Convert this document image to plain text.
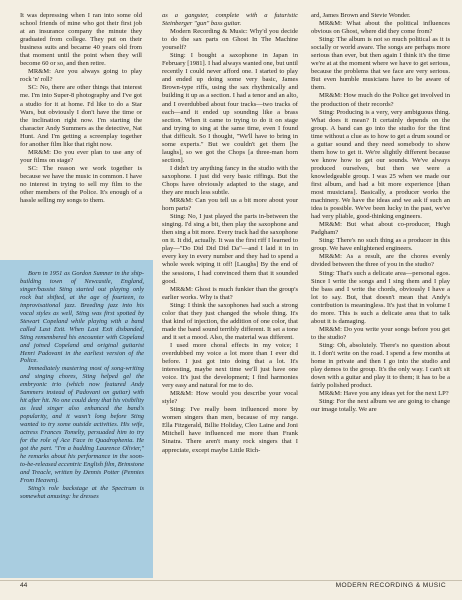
It was depressing when I ran into some old school friends of mine who got their first job at an insurance company the minute they graduated from college. They put on their business suits and became 40 years old from that moment until the point when they will become 60 or so, and then retire.

MR&M: Are you always going to play rock 'n' roll?

SC: No, there are other things that interest me. I'm into Super-8 photography and I've got a studio for it at home. I'd like to do a Star Wars, but obviously I don't have the time or the inclination right now. I'm starting the character Andy Summers as the detective, Nat Hunt. And I'm getting a screenplay together for another film like that right now.

MR&M: Do you ever plan to use any of your films on stage?

SC: The reason we work together is because we have the music in common. I have no interest in trying to sell my film to the other members of the Police. It's enough of a hassle selling my songs to them.

Born in 1951 as Gordon Sumner in the ship-building town of Newcastle, England, singer/bassist Sting started out playing only rock but shifted, at the age of fourteen, to improvisational jazz. Breeding jazz into his vocal styles as well, Sting was first spotted by Stewart Copeland while playing with a band called Last Exit. When Last Exit disbanded, Sting remembered his encounter with Copeland and joined Copeland and original guitarist Henri Padovani in the earliest version of the Police.

Immediately mastering most of song-writing and singing chores, Sting helped gel the embryonic trio (which now featured Andy Summers instead of Padovani on guitar) with hit after hit. No one could deny that his visibility as lead singer also enhanced the band's popularity, and it wasn't long before Sting wanted to try some outside activities. His wife, actress Frances Tomelty, persuaded him to try for the role of Ace Face in Quadrophenia. He got the part. "I'm a budding Laurence Olivier," he remarks about his performance in the soon-to-be-released eccentric English film, Brimstone and Treacle, written by Dennis Potter (Pennies From Heaven).

Sting's role backstage at the Spectrum is somewhat amusing: he dresses

as a gangster, complete with a futuristic Steinberger "gun" bass guitar.

Modern Recording & Music: Why'd you decide to do the sax parts on Ghost In The Machine yourself?

Sting: I bought a saxophone in Japan in February [1981]. I had always wanted one, but until recently I could never afford one. I started to play and ended up doing some very basic, James Brown-type riffs, using the sax rhythmically and building it up as a section. I had a tenor and an alto, and I overdubbed about four tracks—two tracks of each—and it ended up sounding like a brass section. When it came to trying to do it on stage and trying to sing at the same time, even I found that difficult. So I thought, "We'll have to bring in some experts." But we couldn't get them [he laughs], so we got the Chops [a three-man horn section].

I didn't try anything fancy in the studio with the saxophone. I just did very basic riffings. But the Chops have obviously adapted to the stage, and they are much less subtle.

MR&M: Can you tell us a bit more about your horn parts?

Sting: No, I just played the parts in-between the singing. I'd sing a bit, then play the saxophone and then sing a bit more. Every track had the saxophone on it. It did, actually. It was the first riff I learned to play—"Do Did Did Did Da"—and I laid it in in every key in every number and they had to spend a whole week wiping it off! [Laughs] By the end of the sessions, I had convinced them that it sounded good.

MR&M: Ghost is much funkier than the group's earlier works. Why is that?

Sting: I think the saxophones had such a strong color that they just changed the whole thing. It's that kind of injection, the addition of one color, that made the band sound terribly different. It set a tone and it set a mood. Also, the material was different.

I used more choral effects in my voice; I overdubbed my voice a lot more than I ever did before. I just got into doing that a lot. It's interesting, maybe next time we'll just have one voice. It's just the development; I find harmonies very easy and natural for me to do.

MR&M: How would you describe your vocal style?

Sting: I've really been influenced more by women singers than men, because of my range. Ella Fitzgerald, Billie Holiday, Cleo Laine and Joni Mitchell have influenced me more than Frank Sinatra. There aren't many rock singers that I appreciate, except maybe Little Rich-

ard, James Brown and Stevie Wonder.

MR&M: What about the political influences obvious on Ghost, where did they come from?

Sting: The album is not so much political as it is socially or world aware. The songs are perhaps more serious than ever, but then again I think it's the time we're at at the moment where we have to get serious, because the problems that we face are very serious. But even humble musicians have to be aware of them.

MR&M: How much do the Police get involved in the production of their records?

Sting: Producing is a very, very ambiguous thing. What does it mean? It certainly depends on the group. A band can go into the studio for the first time without a clue as to how to get a drum sound or a guitar sound and they need somebody to show them how to get it. We're slightly different because we know how to get our sounds. We've always produced ourselves, but then we were a knowledgeable group. I was 25 when we made our first album, and had a bit more experience [than most musicians]. Basically, a producer works the machinery. We have the ideas and we ask if such an idea is possible. We've been lucky in the past, we've had very pliable, good-thinking engineers.

MR&M: But what about co-producer, Hugh Padgham?

Sting: There's no such thing as a producer in this group. We have enlightened engineers.

MR&M: As a result, are the chores evenly divided between the three of you in the studio?

Sting: That's such a delicate area—personal egos. Since I write the songs and I sing them and I play the bass and I write the chords, obviously I have a lot to say. But, that doesn't mean that Andy's contribution is meaningless. It's just that in volume I do more. This is such a delicate area that to talk about it is damaging.

MR&M: Do you write your songs before you get to the studio?

Sting: Oh, absolutely. There's no question about it. I don't write on the road. I spend a few months at home in private and then I go into the studio and play demos to the group. It's the only way. I can't sit down with a guitar and play it to them; it has to be a fairly polished product.

MR&M: Have you any ideas yet for the next LP?

Sting: For the next album we are going to change our image totally. We are

44	MODERN RECORDING & MUSIC
